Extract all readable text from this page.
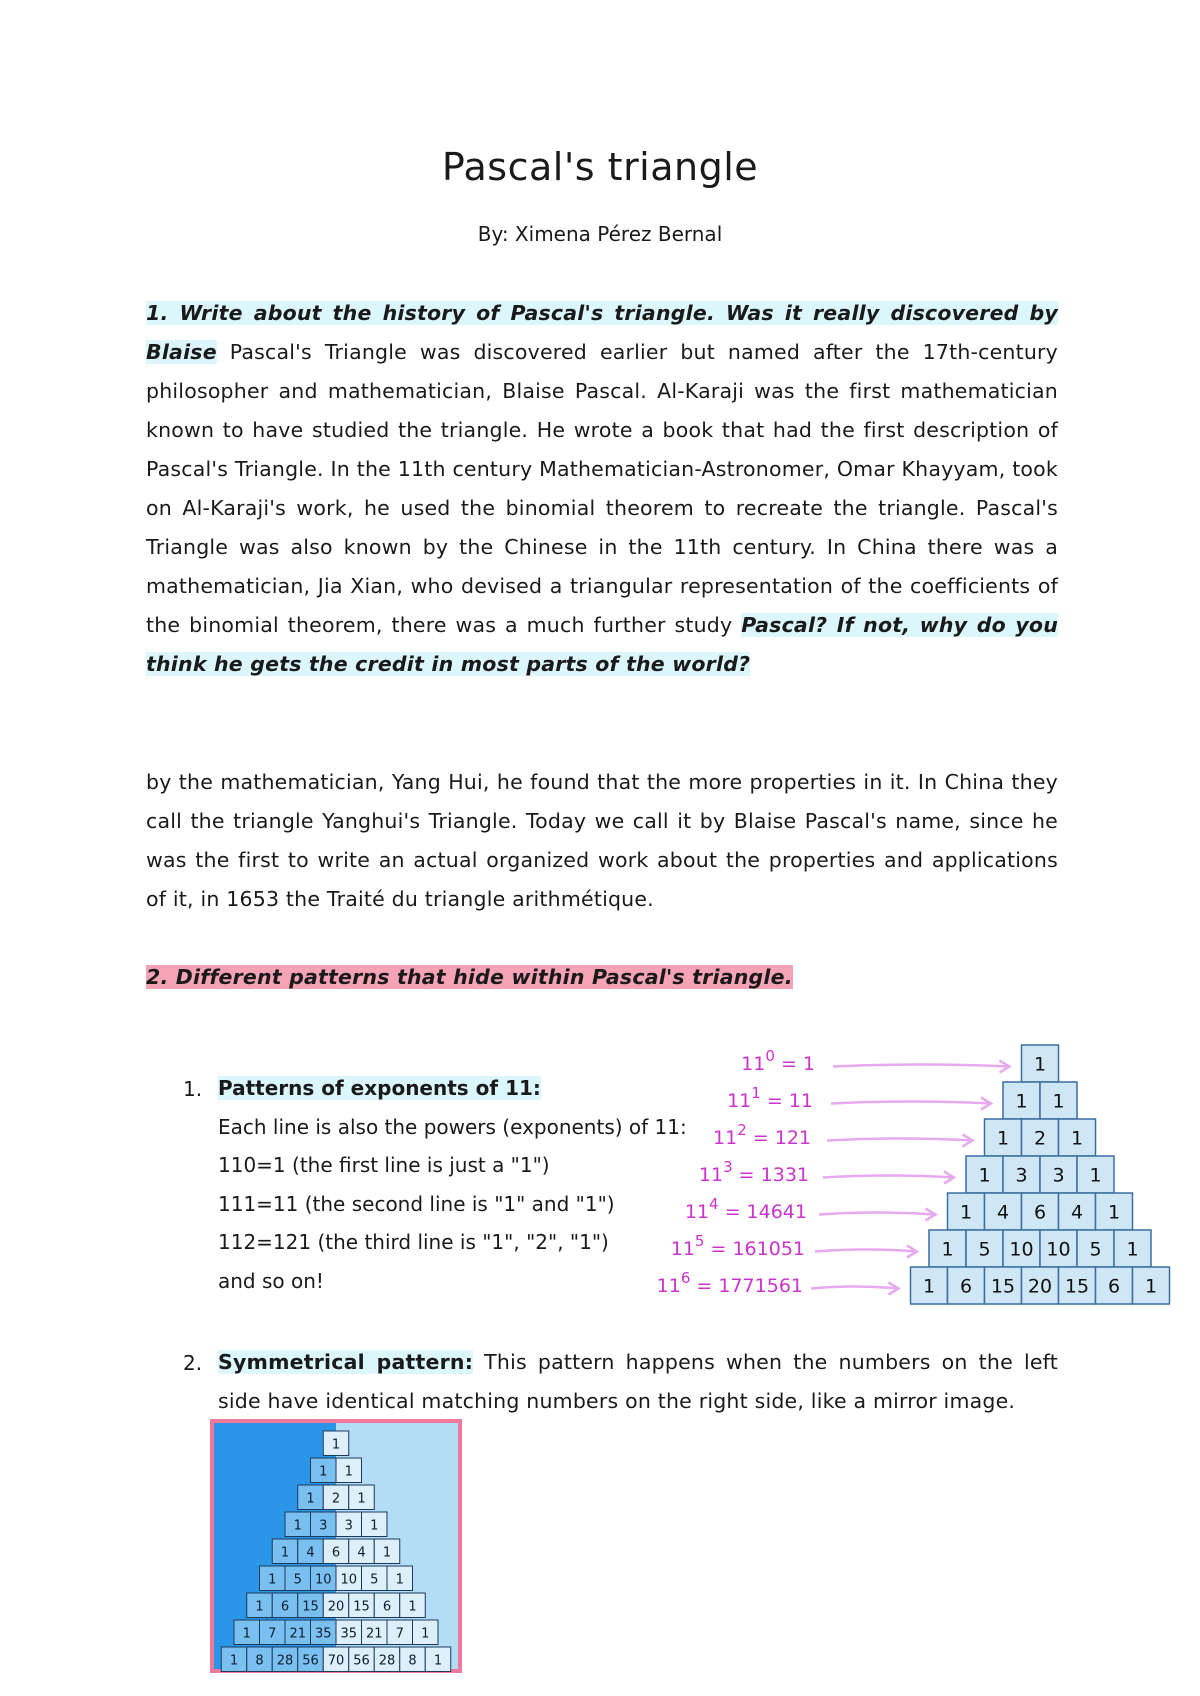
Pascal's triangle
By: Ximena Pérez Bernal
1. Write about the history of Pascal's triangle. Was it really discovered by Blaise Pascal's Triangle was discovered earlier but named after the 17th-century philosopher and mathematician, Blaise Pascal. Al-Karaji was the first mathematician known to have studied the triangle. He wrote a book that had the first description of Pascal's Triangle. In the 11th century Mathematician-Astronomer, Omar Khayyam, took on Al-Karaji's work, he used the binomial theorem to recreate the triangle. Pascal's Triangle was also known by the Chinese in the 11th century. In China there was a mathematician, Jia Xian, who devised a triangular representation of the coefficients of the binomial theorem, there was a much further study Pascal? If not, why do you think he gets the credit in most parts of the world?
by the mathematician, Yang Hui, he found that the more properties in it. In China they call the triangle Yanghui's Triangle. Today we call it by Blaise Pascal's name, since he was the first to write an actual organized work about the properties and applications of it, in 1653 the Traité du triangle arithmétique.
2. Different patterns that hide within Pascal's triangle.
1. Patterns of exponents of 11:
Each line is also the powers (exponents) of 11:
110=1 (the first line is just a "1")
111=11 (the second line is "1" and "1")
112=121 (the third line is "1", "2", "1")
and so on!
1
$11^0 = 1$
1 1
$11^1 = 11$
1 2 1
$11^2 = 121$
1 3 3 1
$11^3 = 1331$
1 4 6 4 1
$11^4 = 14641$
1 5 10 10 5 1
$11^5 = 161051$
1 6 15 20 15 6 1
$11^6 = 1771561$
2. Symmetrical pattern: This pattern happens when the numbers on the left side have identical matching numbers on the right side, like a mirror image.
1
1 1
1 2 1
1 3 3 1
1 4 6 4 1
1 5 10 10 5 1
1 6 15 20 15 6 1
1 7 21 35 35 21 7 1
1 8 28 56 70 56 28 8 1
